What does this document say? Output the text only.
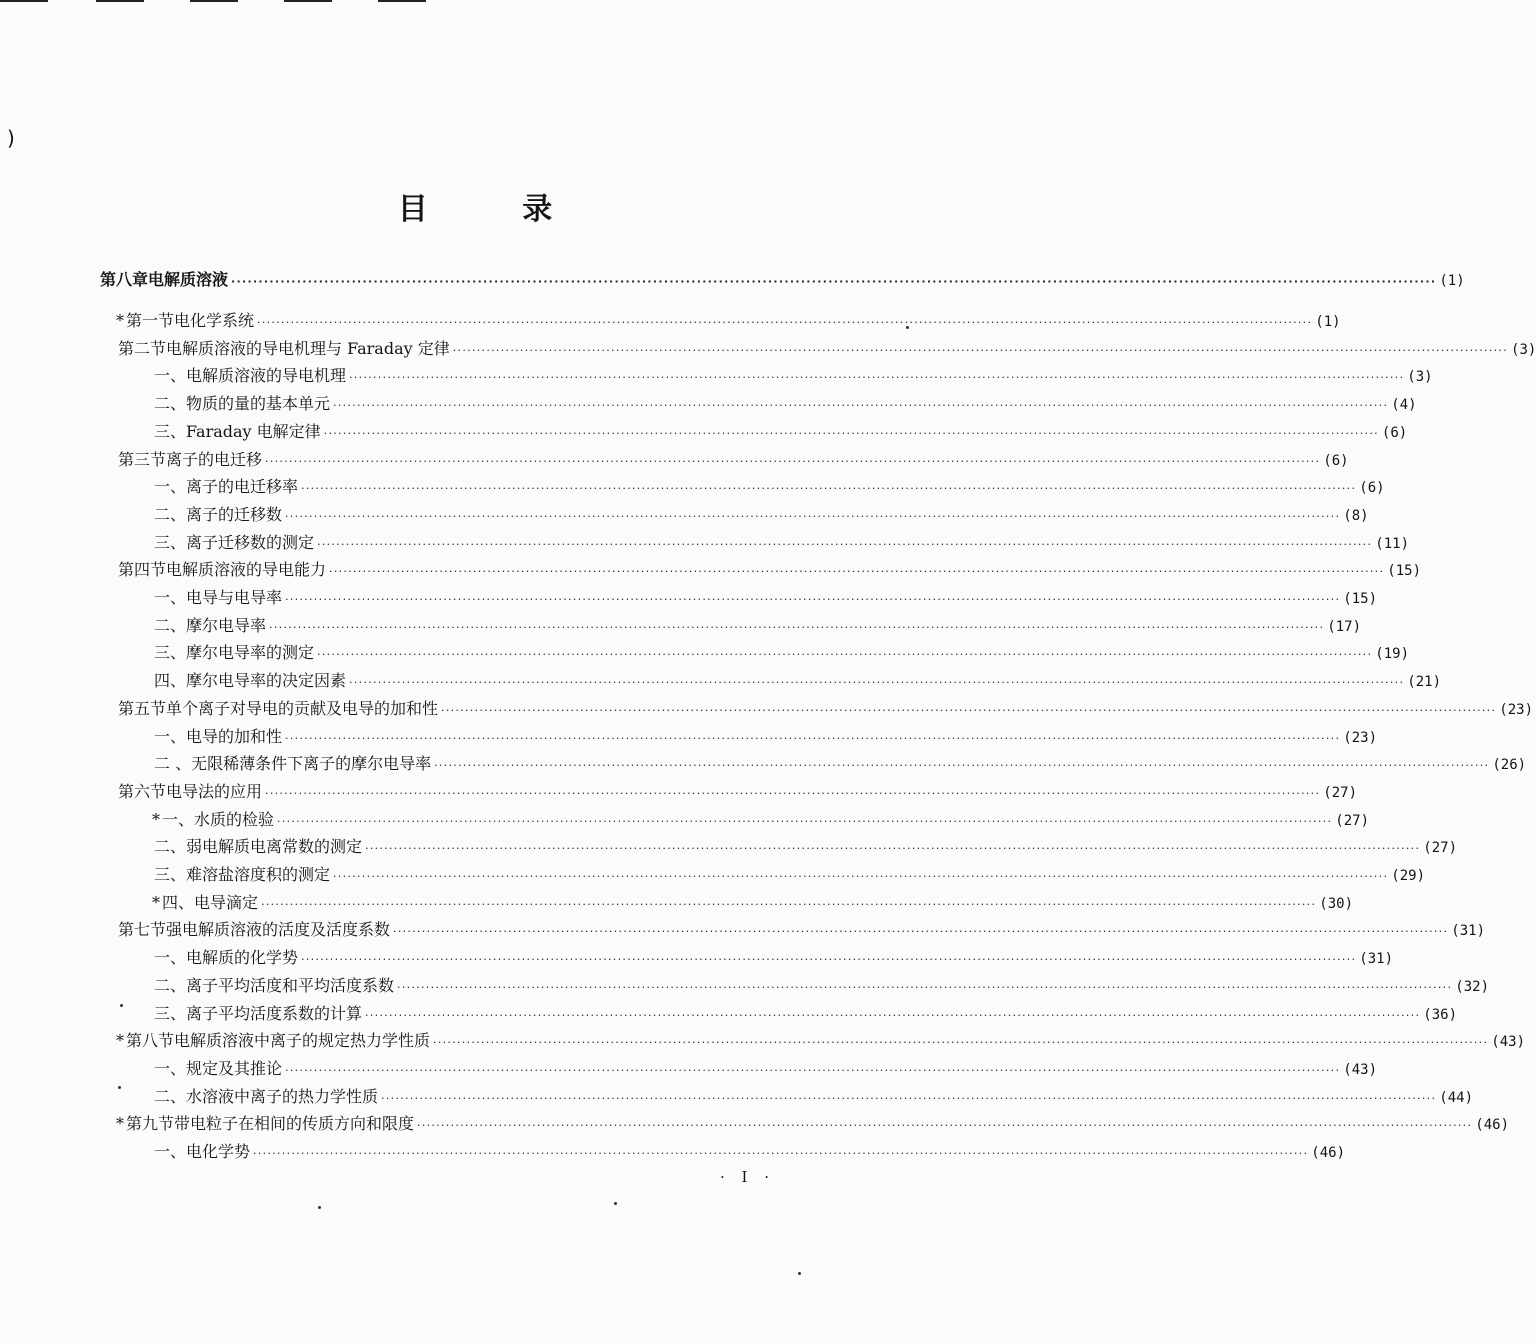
)
目 录
第八章 电解质溶液 ···························································································································································································································· (1)
* 第一节 电化学系统 ···························································································································································································································· (1)
第二节 电解质溶液的导电机理与 Faraday 定律 ···························································································································································································································· (3)
一、 电解质溶液的导电机理 ···························································································································································································································· (3)
二、 物质的量的基本单元 ···························································································································································································································· (4)
三、 Faraday 电解定律 ···························································································································································································································· (6)
第三节 离子的电迁移 ···························································································································································································································· (6)
一、 离子的电迁移率 ···························································································································································································································· (6)
二、 离子的迁移数 ···························································································································································································································· (8)
三、 离子迁移数的测定 ···························································································································································································································· (11)
第四节 电解质溶液的导电能力 ···························································································································································································································· (15)
一、 电导与电导率 ···························································································································································································································· (15)
二、 摩尔电导率 ···························································································································································································································· (17)
三、 摩尔电导率的测定 ···························································································································································································································· (19)
四、 摩尔电导率的决定因素 ···························································································································································································································· (21)
第五节 单个离子对导电的贡献及电导的加和性 ···························································································································································································································· (23)
一、 电导的加和性 ···························································································································································································································· (23)
二 、 无限稀薄条件下离子的摩尔电导率 ···························································································································································································································· (26)
第六节 电导法的应用 ···························································································································································································································· (27)
* 一、 水质的检验 ···························································································································································································································· (27)
二、 弱电解质电离常数的测定 ···························································································································································································································· (27)
三、 难溶盐溶度积的测定 ···························································································································································································································· (29)
* 四、 电导滴定 ···························································································································································································································· (30)
第七节 强电解质溶液的活度及活度系数 ···························································································································································································································· (31)
一、 电解质的化学势 ···························································································································································································································· (31)
二、 离子平均活度和平均活度系数 ···························································································································································································································· (32)
三、 离子平均活度系数的计算 ···························································································································································································································· (36)
* 第八节 电解质溶液中离子的规定热力学性质 ···························································································································································································································· (43)
一、 规定及其推论 ···························································································································································································································· (43)
二、 水溶液中离子的热力学性质 ···························································································································································································································· (44)
* 第九节 带电粒子在相间的传质方向和限度 ···························································································································································································································· (46)
一、 电化学势 ···························································································································································································································· (46)
· I ·
